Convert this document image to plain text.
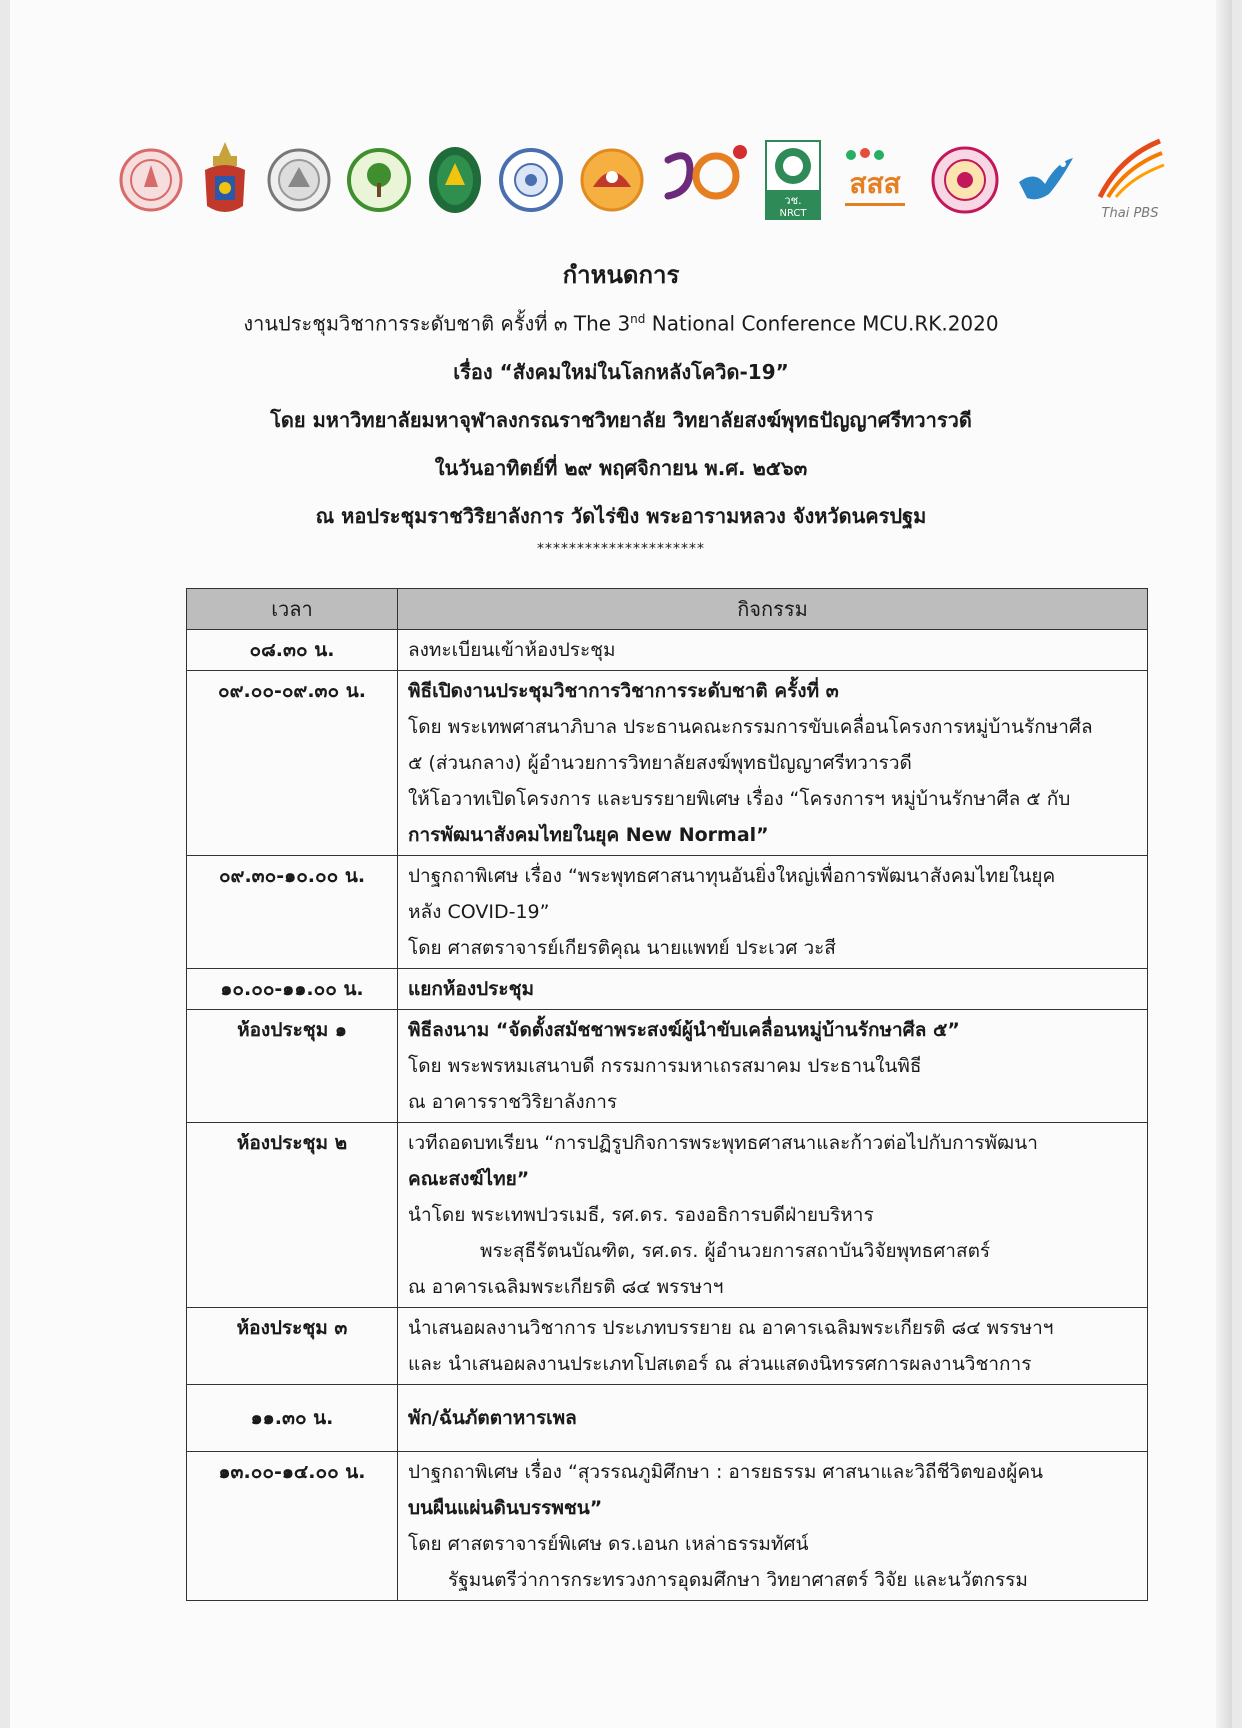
วช.
NRCT
สสส
Thai PBS
กำหนดการ
งานประชุมวิชาการระดับชาติ ครั้งที่ ๓ The 3nd National Conference MCU.RK.2020
เรื่อง “สังคมใหม่ในโลกหลังโควิด-19”
โดย มหาวิทยาลัยมหาจุฬาลงกรณราชวิทยาลัย วิทยาลัยสงฆ์พุทธปัญญาศรีทวารวดี
ในวันอาทิตย์ที่ ๒๙ พฤศจิกายน พ.ศ. ๒๕๖๓
ณ หอประชุมราชวิริยาลังการ วัดไร่ขิง พระอารามหลวง จังหวัดนครปฐม
*********************
เวลา	กิจกรรม
๐๘.๓๐ น.	ลงทะเบียนเข้าห้องประชุม

๐๙.๐๐-๐๙.๓๐ น.	พิธีเปิดงานประชุมวิชาการวิชาการระดับชาติ ครั้งที่ ๓
โดย พระเทพศาสนาภิบาล ประธานคณะกรรมการขับเคลื่อนโครงการหมู่บ้านรักษาศีล
๕ (ส่วนกลาง) ผู้อำนวยการวิทยาลัยสงฆ์พุทธปัญญาศรีทวารวดี
ให้โอวาทเปิดโครงการ และบรรยายพิเศษ เรื่อง “โครงการฯ หมู่บ้านรักษาศีล ๕ กับ
การพัฒนาสังคมไทยในยุค New Normal”

๐๙.๓๐-๑๐.๐๐ น.	ปาฐกถาพิเศษ เรื่อง “พระพุทธศาสนาทุนอันยิ่งใหญ่เพื่อการพัฒนาสังคมไทยในยุค
หลัง COVID-19”
โดย ศาสตราจารย์เกียรติคุณ นายแพทย์ ประเวศ วะสี

๑๐.๐๐-๑๑.๐๐ น.	แยกห้องประชุม

ห้องประชุม ๑	พิธีลงนาม “จัดตั้งสมัชชาพระสงฆ์ผู้นำขับเคลื่อนหมู่บ้านรักษาศีล ๕”
โดย พระพรหมเสนาบดี กรรมการมหาเถรสมาคม ประธานในพิธี
ณ อาคารราชวิริยาลังการ

ห้องประชุม ๒	เวทีถอดบทเรียน “การปฏิรูปกิจการพระพุทธศาสนาและก้าวต่อไปกับการพัฒนา
คณะสงฆ์ไทย”
นำโดย พระเทพปวรเมธี, รศ.ดร. รองอธิการบดีฝ่ายบริหาร
พระสุธีรัตนบัณฑิต, รศ.ดร. ผู้อำนวยการสถาบันวิจัยพุทธศาสตร์
ณ อาคารเฉลิมพระเกียรติ ๘๔ พรรษาฯ

ห้องประชุม ๓	นำเสนอผลงานวิชาการ ประเภทบรรยาย ณ อาคารเฉลิมพระเกียรติ ๘๔ พรรษาฯ
และ นำเสนอผลงานประเภทโปสเตอร์ ณ ส่วนแสดงนิทรรศการผลงานวิชาการ

๑๑.๓๐ น.	พัก/ฉันภัตตาหารเพล

๑๓.๐๐-๑๔.๐๐ น.	ปาฐกถาพิเศษ เรื่อง “สุวรรณภูมิศึกษา : อารยธรรม ศาสนาและวิถีชีวิตของผู้คน
บนผืนแผ่นดินบรรพชน”
โดย ศาสตราจารย์พิเศษ ดร.เอนก เหล่าธรรมทัศน์
รัฐมนตรีว่าการกระทรวงการอุดมศึกษา วิทยาศาสตร์ วิจัย และนวัตกรรม
